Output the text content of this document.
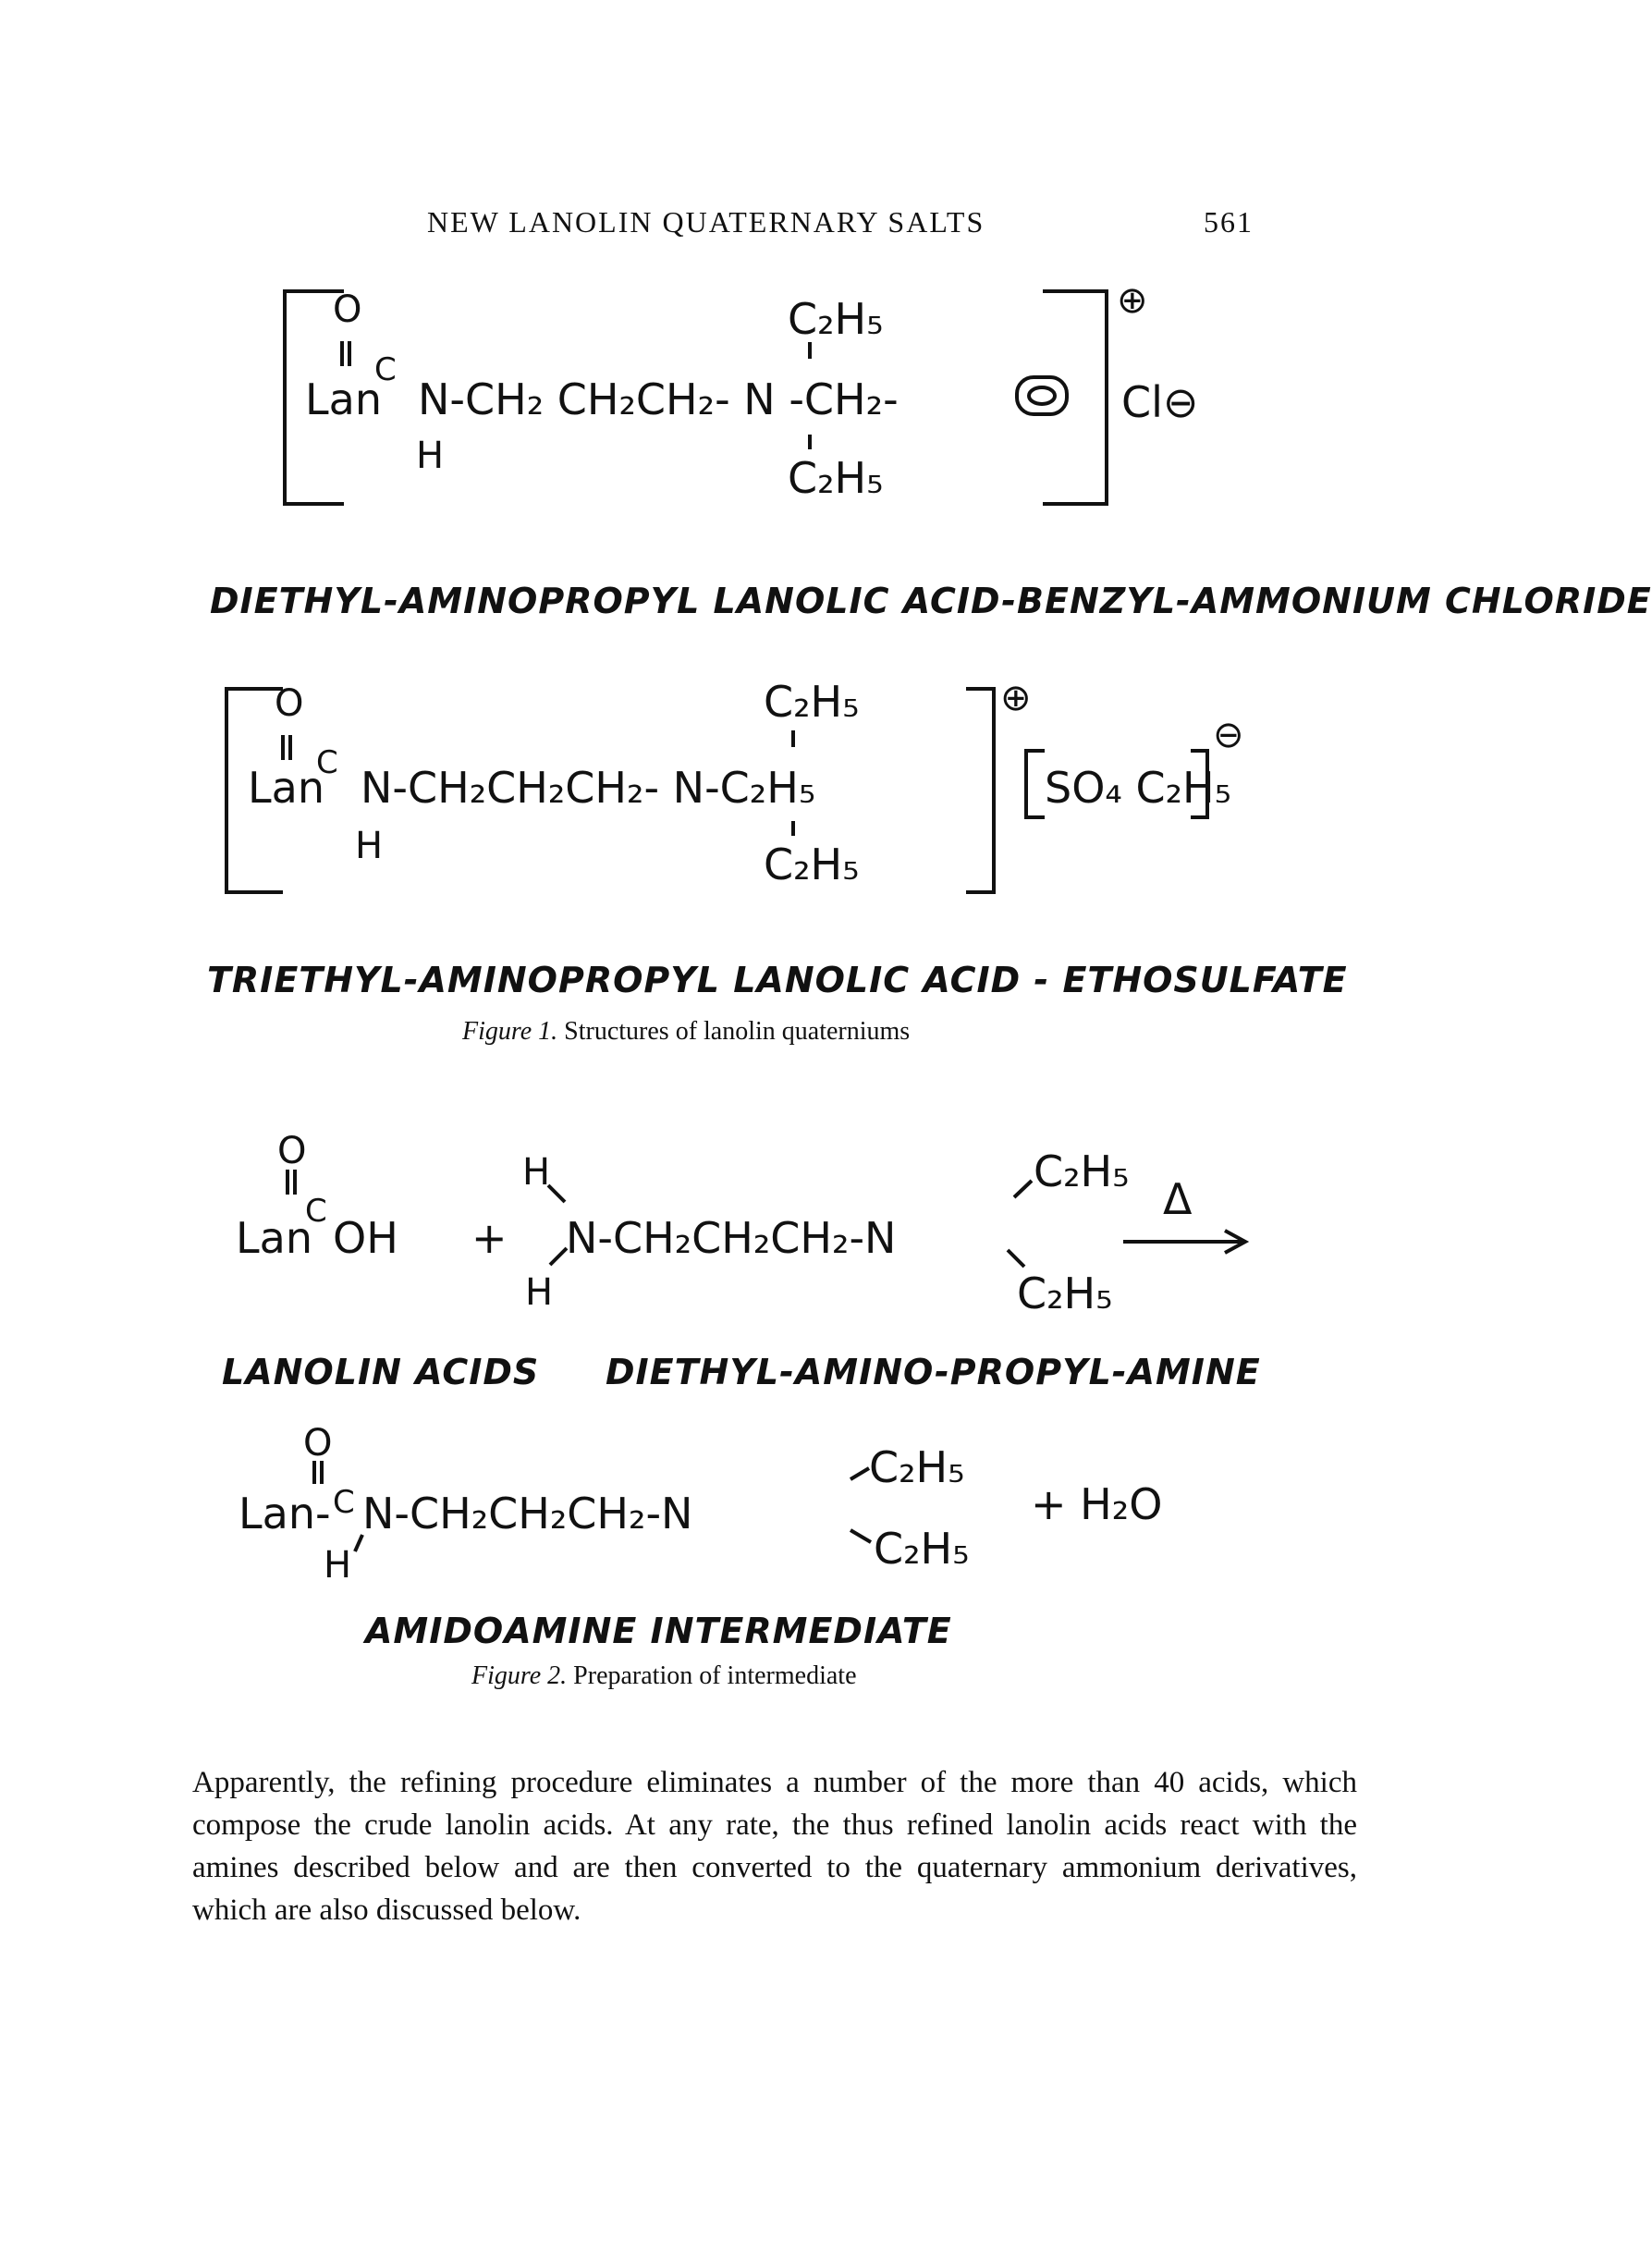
NEW LANOLIN QUATERNARY SALTS	561
O
C
Lan N-CH₂ CH₂CH₂- N -CH₂-
H
C₂H₅
C₂H₅
⊕
Cl⊖
DIETHYL-AMINOPROPYL LANOLIC ACID-BENZYL-AMMONIUM CHLORIDE
O
C
Lan N-CH₂CH₂CH₂- N-C₂H₅
H
C₂H₅
C₂H₅
⊕
SO₄ C₂H₅
⊖
TRIETHYL-AMINOPROPYL LANOLIC ACID - ETHOSULFATE
Figure 1. Structures of lanolin quaterniums
O
C
Lan OH +
H
H
N-CH₂CH₂CH₂-N
C₂H₅
C₂H₅
Δ
LANOLIN ACIDS DIETHYL-AMINO-PROPYL-AMINE
O
C
Lan- N-CH₂CH₂CH₂-N
H
C₂H₅
C₂H₅
+ H₂O
AMIDOAMINE INTERMEDIATE
Figure 2. Preparation of intermediate
Apparently, the refining procedure eliminates a number of the more than 40 acids, which compose the crude lanolin acids. At any rate, the thus refined lanolin acids react with the amines described below and are then converted to the quaternary ammonium derivatives, which are also discussed below.
